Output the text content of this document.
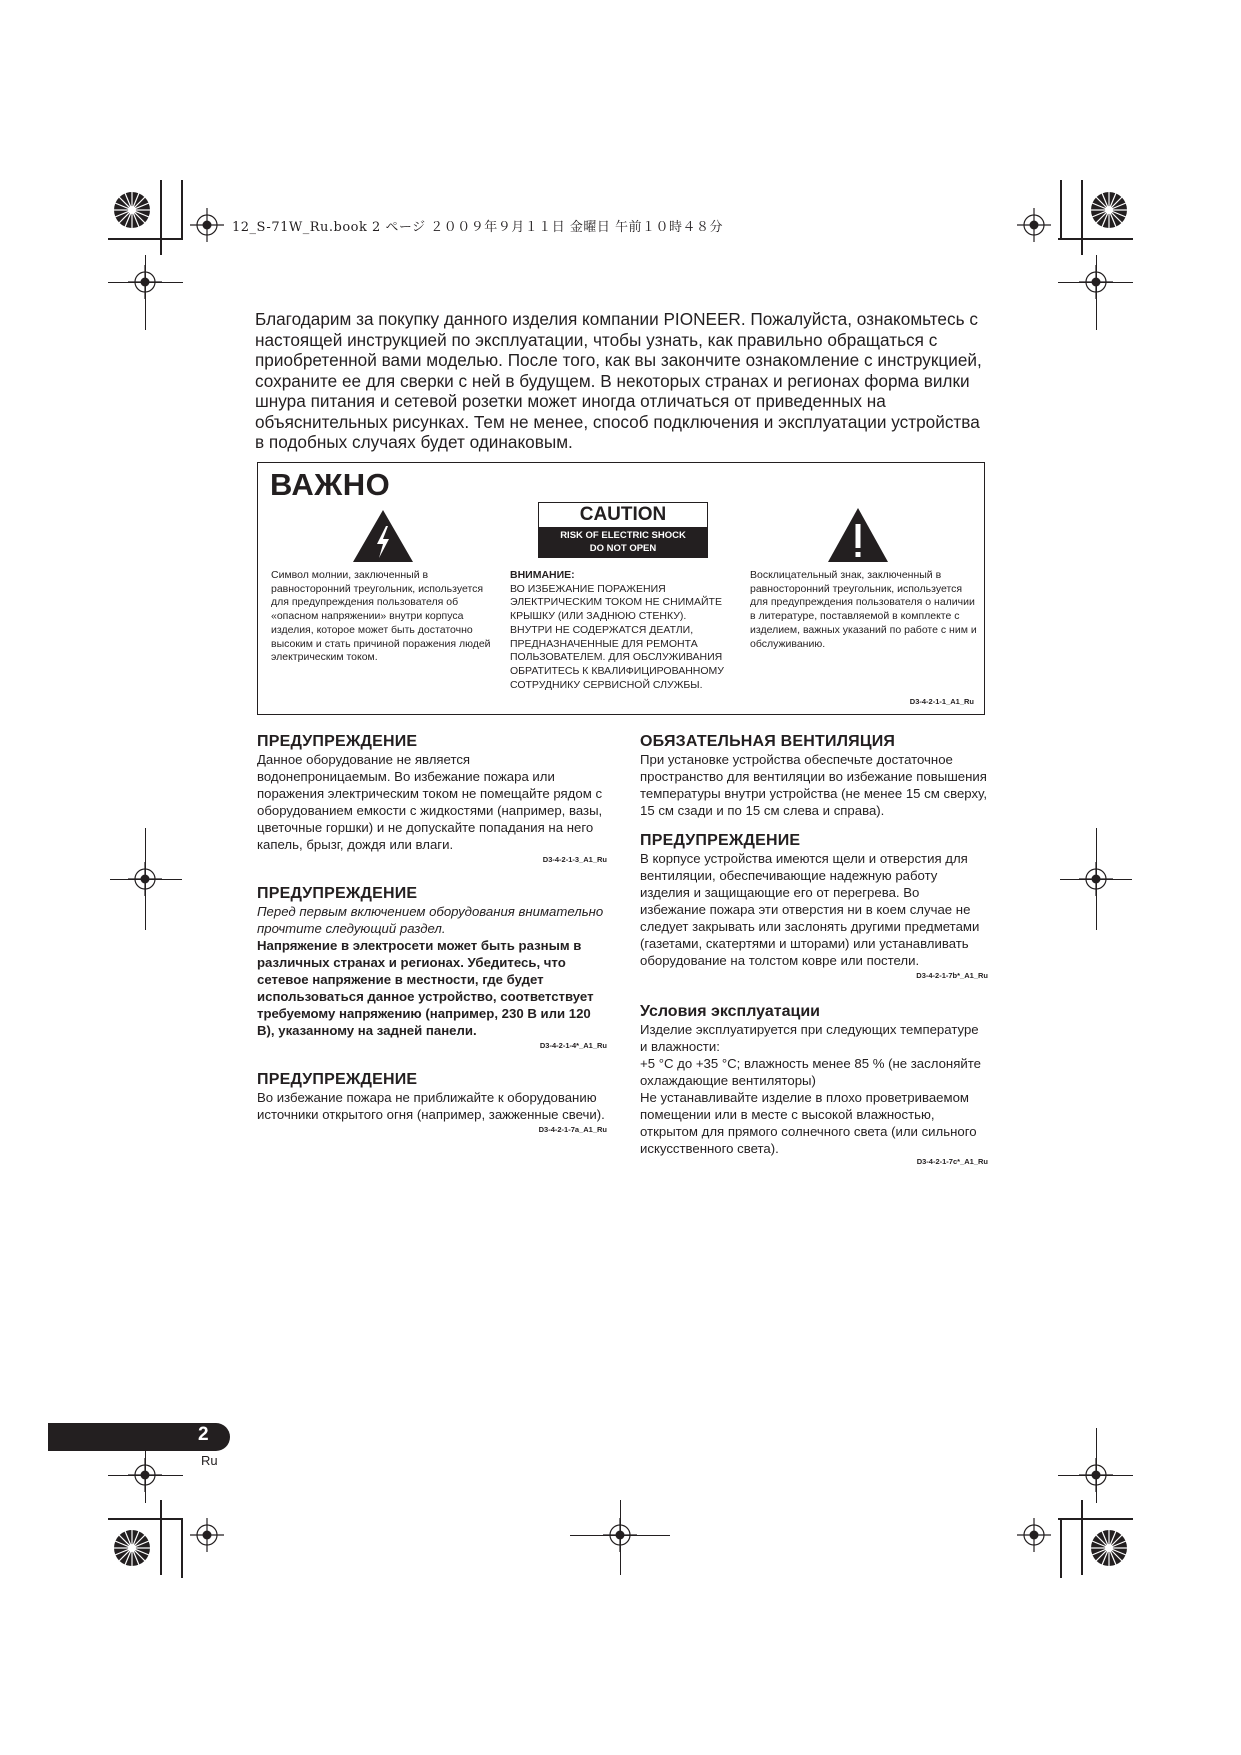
12_S-71W_Ru.book 2 ページ ２００９年９月１１日 金曜日 午前１０時４８分

Благодарим за покупку данного изделия компании PIONEER. Пожалуйста, ознакомьтесь с настоящей инструкцией по эксплуатации, чтобы узнать, как правильно обращаться с приобретенной вами моделью. После того, как вы закончите ознакомление с инструкцией, сохраните ее для сверки с ней в будущем. В некоторых странах и регионах форма вилки шнура питания и сетевой розетки может иногда отличаться от приведенных на объяснительных рисунках. Тем не менее, способ подключения и эксплуатации устройства в подобных случаях будет одинаковым.

ВАЖНО
CAUTION
RISK OF ELECTRIC SHOCK
DO NOT OPEN

Символ молнии, заключенный в равносторонний треугольник, используется для предупреждения пользователя об «опасном напряжении» внутри корпуса изделия, которое может быть достаточно высоким и стать причиной поражения людей электрическим током.

ВНИМАНИЕ:
ВО ИЗБЕЖАНИЕ ПОРАЖЕНИЯ ЭЛЕКТРИЧЕСКИМ ТОКОМ НЕ СНИМАЙТЕ КРЫШКУ (ИЛИ ЗАДНЮЮ СТЕНКУ). ВНУТРИ НЕ СОДЕРЖАТСЯ ДЕАТЛИ, ПРЕДНАЗНАЧЕННЫЕ ДЛЯ РЕМОНТА ПОЛЬЗОВАТЕЛЕМ. ДЛЯ ОБСЛУЖИВАНИЯ ОБРАТИТЕСЬ К КВАЛИФИЦИРОВАННОМУ СОТРУДНИКУ СЕРВИСНОЙ СЛУЖБЫ.

Восклицательный знак, заключенный в равносторонний треугольник, используется для предупреждения пользователя о наличии в литературе, поставляемой в комплекте с изделием, важных указаний по работе с ним и обслуживанию.

D3-4-2-1-1_A1_Ru
ПРЕДУПРЕЖДЕНИЕ

Данное оборудование не является водонепроницаемым. Во избежание пожара или поражения электрическим током не помещайте рядом с оборудованием емкости с жидкостями (например, вазы, цветочные горшки) и не допускайте попадания на него капель, брызг, дождя или влаги.

D3-4-2-1-3_A1_Ru
ПРЕДУПРЕЖДЕНИЕ

Перед первым включением оборудования внимательно прочтите следующий раздел.

Напряжение в электросети может быть разным в различных странах и регионах. Убедитесь, что сетевое напряжение в местности, где будет использоваться данное устройство, соответствует требуемому напряжению (например, 230 В или 120 В), указанному на задней панели.

D3-4-2-1-4*_A1_Ru
ПРЕДУПРЕЖДЕНИЕ

Во избежание пожара не приближайте к оборудованию источники открытого огня (например, зажженные свечи).

D3-4-2-1-7a_A1_Ru
ОБЯЗАТЕЛЬНАЯ ВЕНТИЛЯЦИЯ

При установке устройства обеспечьте достаточное пространство для вентиляции во избежание повышения температуры внутри устройства (не менее 15 см сверху, 15 см сзади и по 15 см слева и справа).

ПРЕДУПРЕЖДЕНИЕ

В корпусе устройства имеются щели и отверстия для вентиляции, обеспечивающие надежную работу изделия и защищающие его от перегрева. Во избежание пожара эти отверстия ни в коем случае не следует закрывать или заслонять другими предметами (газетами, скатертями и шторами) или устанавливать оборудование на толстом ковре или постели.

D3-4-2-1-7b*_A1_Ru
Условия эксплуатации

Изделие эксплуатируется при следующих температуре и влажности:

+5 °C до +35 °C; влажность менее 85 % (не заслоняйте охлаждающие вентиляторы)

Не устанавливайте изделие в плохо проветриваемом помещении или в месте с высокой влажностью, открытом для прямого солнечного света (или сильного искусственного света).

D3-4-2-1-7c*_A1_Ru
2
Ru
